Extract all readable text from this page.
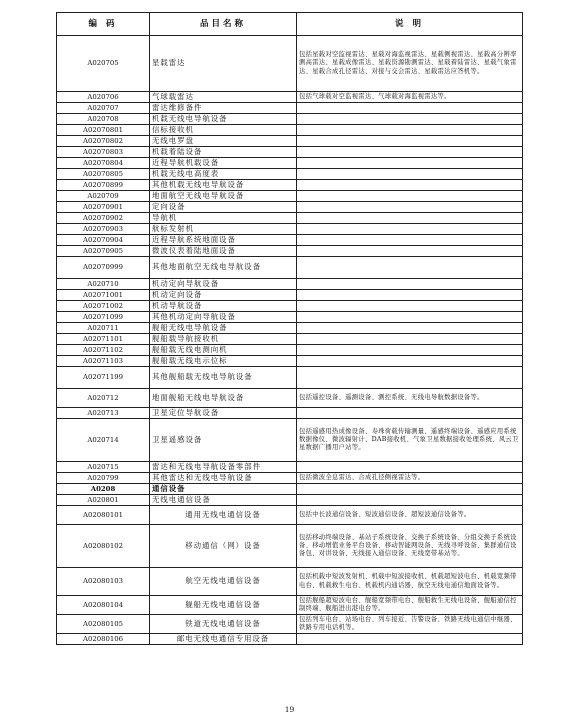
编 码	品目名称	说 明
A020705	星载雷达	包括星载对空监视雷达、星载对海监视雷达、星载侧视雷达、星载高分辨率测高雷达、星载成像雷达、星载资源勘测雷达、星载着陆雷达、星载气象雷达、星载合成孔径雷达、对接与交会雷达、星载雷达应答机等。
A020706	气球载雷达	包括气球载对空监视雷达、气球载对海监视雷达等。
A020707	雷达维修备件	
A020708	机载无线电导航设备	
A02070801	信标接收机	
A02070802	无线电罗盘	
A02070803	机载着陆设备	
A02070804	近程导航机载设备	
A02070805	机载无线电高度表	
A02070899	其他机载无线电导航设备	
A020709	地面航空无线电导航设备	
A02070901	定向设备	
A02070902	导航机	
A02070903	航标发射机	
A02070904	近程导航系统地面设备	
A02070905	微波仪表着陆地面设备	
A02070999	其他地面航空无线电导航设备	
A020710	机动定向导航设备	
A02071001	机动定向设备	
A02071002	机动导航设备	
A02071099	其他机动定向导航设备	
A020711	舰船无线电导航设备	
A02071101	舰船载导航接收机	
A02071102	舰船载无线电测向机	
A02071103	舰船载无线电示位标	
A02071199	其他舰船载无线电导航设备	
A020712	地面舰船无线电导航设备	包括遥控设备、遥测设备、测控系统、无线电导航数据设备等。
A020713	卫星定位导航设备	
A020714	卫星遥感设备	包括遥感用热成像设备、寿珠荷载传输测量、遥感终端设备、遥感应用系统数据像仪、微波辐射计、DAB接收机、气象卫星数据接收处理系统、风云卫星数据广播用户站等。
A020715	雷达和无线电导航设备零部件	
A020799	其他雷达和无线电导航设备	包括微波全息雷达、合成孔径侧视雷达等。
A0208	通信设备	
A020801	无线电通信设备	
A02080101	通用无线电通信设备	包括中长波通信设备、短波通信设备、超短波通信设备等。
A02080102	移动通信（网）设备	包括移动终端设备、基站子系统设备、交换子系统设备、分组交换子系统设备、移动增值业务平台设备、移动智能网设备、无线寻呼设备、集群通信设备包、对讲设备、无线接入通信设备、无线宽带基站等。
A02080103	航空无线电通信设备	包括机载中短波发射机、机载中短波接收机、机载超短波电台、机载宽频带电台、机载救生电台、机载机内通话器、航空无线电通信地面设备等。
A02080104	舰船无线电通信设备	包括舰船超短波电台、舰船宽频带电台、舰船救生无线电设备、舰船通信控制终端、舰船进出港电台等。
A02080105	铁道无线电通信设备	包括列车电台、站场电台、列车接近、告警设备、铁路无线电通信中继器、铁路专用电话机等。
A02080106	邮电无线电通信专用设备	
19
